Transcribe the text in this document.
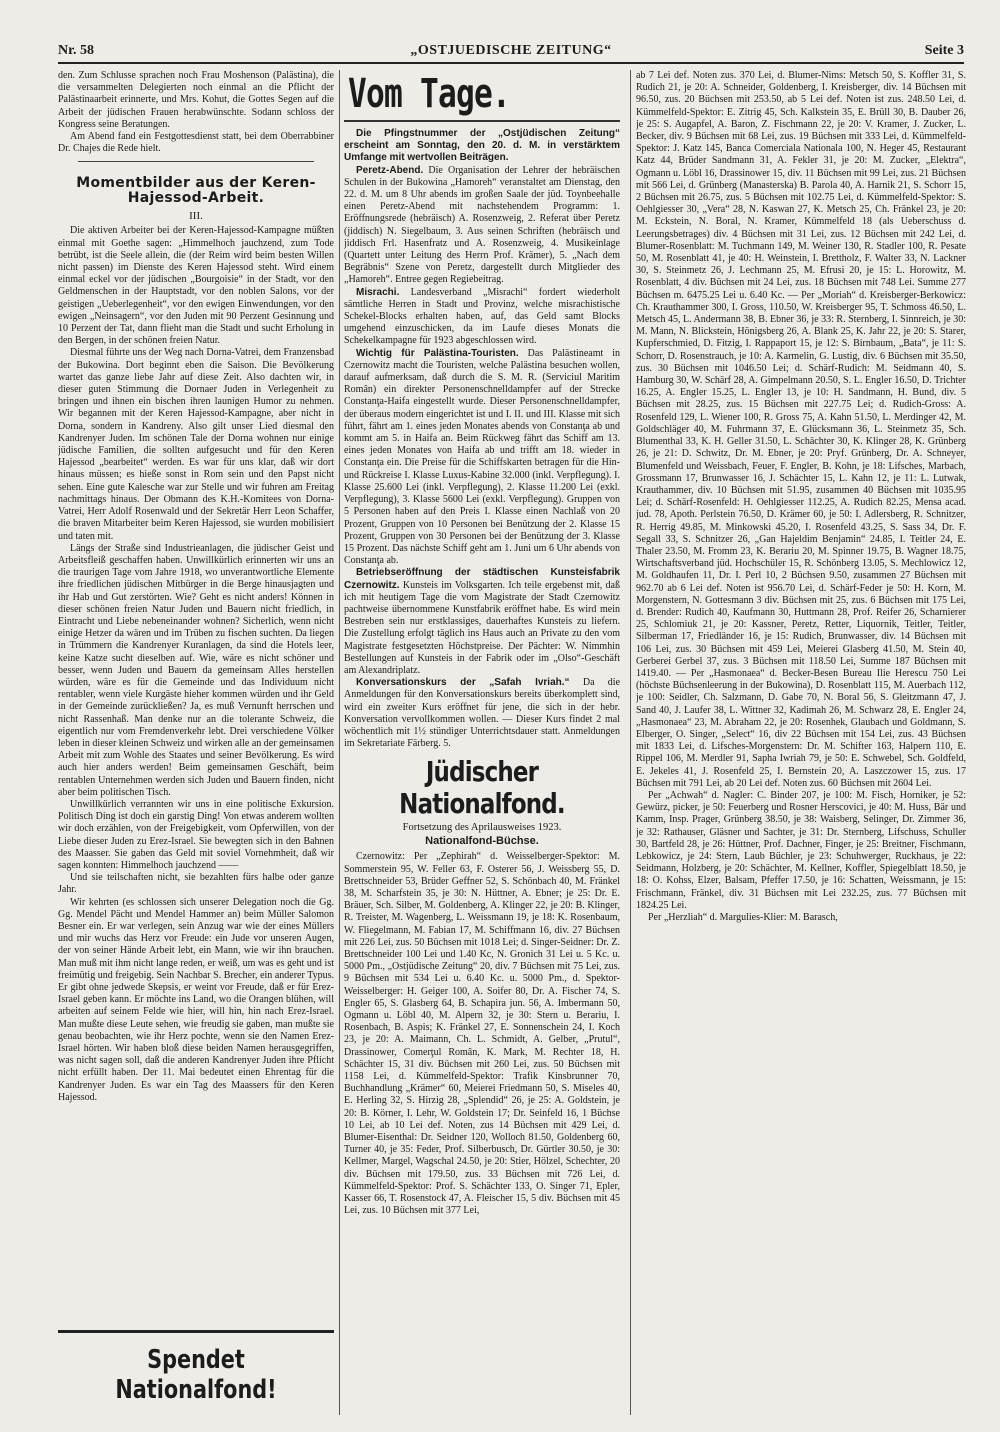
Nr. 58	„OSTJUEDISCHE ZEITUNG“	Seite 3

den. Zum Schlusse sprachen noch Frau Moshenson (Palästina), die die versammelten Delegierten noch einmal an die Pflicht der Palästinaarbeit erinnerte, und Mrs. Kohut, die Gottes Segen auf die Arbeit der jüdischen Frauen herabwünschte. Sodann schloss der Kongress seine Beratungen.

Am Abend fand ein Festgottesdienst statt, bei dem Oberrabbiner Dr. Chajes die Rede hielt.

Momentbilder aus der Keren-Hajessod-Arbeit.
III.

Die aktiven Arbeiter bei der Keren-Hajessod-Kampagne müßten einmal mit Goethe sagen: „Himmelhoch jauchzend, zum Tode betrübt, ist die Seele allein, die (der Reim wird beim besten Willen nicht passen) im Dienste des Keren Hajessod steht. Wird einem einmal eckel vor der jüdischen „Bourgoisie“ in der Stadt, vor den Geldmenschen in der Hauptstadt, vor den noblen Salons, vor der geistigen „Ueberlegenheit“, vor den ewigen Einwendungen, vor den ewigen „Neinsagern“, vor den Juden mit 90 Perzent Gesinnung und 10 Perzent der Tat, dann flieht man die Stadt und sucht Erholung in den Bergen, in der schönen freien Natur.

Diesmal führte uns der Weg nach Dorna-Vatrei, dem Franzensbad der Bukowina. Dort beginnt eben die Saison. Die Bevölkerung wartet das ganze liebe Jahr auf diese Zeit. Also dachten wir, in dieser guten Stimmung die Dornaer Juden in Verlegenheit zu bringen und ihnen ein bischen ihren launigen Humor zu nehmen. Wir begannen mit der Keren Hajessod-Kampagne, aber nicht in Dorna, sondern in Kandreny. Also gilt unser Lied diesmal den Kandrenyer Juden. Im schönen Tale der Dorna wohnen nur einige jüdische Familien, die sollten aufgesucht und für den Keren Hajessod „bearbeitet“ werden. Es war für uns klar, daß wir dort hinaus müssen; es hieße sonst in Rom sein und den Papst nicht sehen. Eine gute Kalesche war zur Stelle und wir fuhren am Freitag nachmittags hinaus. Der Obmann des K.H.-Komitees von Dorna-Vatrei, Herr Adolf Rosenwald und der Sekretär Herr Leon Schaffer, die braven Mitarbeiter beim Keren Hajessod, sie wurden mobilisiert und taten mit.

Längs der Straße sind Industrieanlagen, die jüdischer Geist und Arbeitsfleiß geschaffen haben. Unwillkürlich erinnerten wir uns an die traurigen Tage vom Jahre 1918, wo unverantwortliche Elemente ihre friedlichen jüdischen Mitbürger in die Berge hinausjagten und ihr Hab und Gut zerstörten. Wie? Geht es nicht anders! Können in dieser schönen freien Natur Juden und Bauern nicht friedlich, in Eintracht und Liebe nebeneinander wohnen? Sicherlich, wenn nicht einige Hetzer da wären und im Trüben zu fischen suchten. Da liegen in Trümmern die Kandrenyer Kuranlagen, da sind die Hotels leer, keine Katze sucht dieselben auf. Wie, wäre es nicht schöner und besser, wenn Juden und Bauern da gemeinsam Alles herstellen würden, wäre es für die Gemeinde und das Individuum nicht rentabler, wenn viele Kurgäste hieher kommen würden und ihr Geld in der Gemeinde zurückließen? Ja, es muß Vernunft herrschen und nicht Rassenhaß. Man denke nur an die tolerante Schweiz, die eigentlich nur vom Fremdenverkehr lebt. Drei verschiedene Völker leben in dieser kleinen Schweiz und wirken alle an der gemeinsamen Arbeit mit zum Wohle des Staates und seiner Bevölkerung. Es wird auch hier anders werden! Beim gemeinsamen Geschäft, beim rentablen Unternehmen werden sich Juden und Bauern finden, nicht aber beim politischen Tisch.

Unwillkürlich verrannten wir uns in eine politische Exkursion. Politisch Ding ist doch ein garstig Ding! Von etwas anderem wollten wir doch erzählen, von der Freigebigkeit, vom Opferwillen, von der Liebe dieser Juden zu Erez-Israel. Sie bewegten sich in den Bahnen des Maasser. Sie gaben das Geld mit soviel Vornehmheit, daß wir sagen konnten: Himmelhoch jauchzend ——

Und sie teilschaften nicht, sie bezahlten fürs halbe oder ganze Jahr.

Wir kehrten (es schlossen sich unserer Delegation noch die Gg. Gg. Mendel Pächt und Mendel Hammer an) beim Müller Salomon Besner ein. Er war verlegen, sein Anzug war wie der eines Müllers und mir wuchs das Herz vor Freude: ein Jude vor unseren Augen, der von seiner Hände Arbeit lebt, ein Mann, wie wir ihn brauchen. Man muß mit ihm nicht lange reden, er weiß, um was es geht und ist freimütig und freigebig. Sein Nachbar S. Brecher, ein anderer Typus. Er gibt ohne jedwede Skepsis, er weint vor Freude, daß er für Erez-Israel geben kann. Er möchte ins Land, wo die Orangen blühen, will arbeiten auf seinem Felde wie hier, will hin, hin nach Erez-Israel. Man mußte diese Leute sehen, wie freudig sie gaben, man mußte sie genau beobachten, wie ihr Herz pochte, wenn sie den Namen Erez-Israel hörten. Wir haben bloß diese beiden Namen herausgegriffen, was nicht sagen soll, daß die anderen Kandrenyer Juden ihre Pflicht nicht erfüllt haben. Der 11. Mai bedeutet einen Ehrentag für die Kandrenyer Juden. Es war ein Tag des Maassers für den Keren Hajessod.

Spendet Nationalfond!
Vom Tage.

Die Pfingstnummer der „Ostjüdischen Zeitung“ erscheint am Sonntag, den 20. d. M. in verstärktem Umfange mit wertvollen Beiträgen.

Peretz-Abend. Die Organisation der Lehrer der hebräischen Schulen in der Bukowina „Hamoreh“ veranstaltet am Dienstag, den 22. d. M. um 8 Uhr abends im großen Saale der jüd. Toynbeehalle einen Peretz-Abend mit nachstehendem Programm: 1. Eröffnungsrede (hebräisch) A. Rosenzweig, 2. Referat über Peretz (jiddisch) N. Siegelbaum, 3. Aus seinen Schriften (hebräisch und jiddisch Frl. Hasenfratz und A. Rosenzweig, 4. Musikeinlage (Quartett unter Leitung des Herrn Prof. Krämer), 5. „Nach dem Begräbnis“ Szene von Peretz, dargestellt durch Mitglieder des „Hamoreh“. Entree gegen Regiebeitrag.

Misrachi. Landesverband „Misrachi“ fordert wiederholt sämtliche Herren in Stadt und Provinz, welche misrachistische Schekel-Blocks erhalten haben, auf, das Geld samt Blocks umgehend einzuschicken, da im Laufe dieses Monats die Schekelkampagne für 1923 abgeschlossen wird.

Wichtig für Palästina-Touristen. Das Palästineamt in Czernowitz macht die Touristen, welche Palästina besuchen wollen, darauf aufmerksam, daß durch die S. M. R. (Serviciul Maritim Român) ein direkter Personenschnelldampfer auf der Strecke Constanţa-Haifa eingestellt wurde. Dieser Personenschnelldampfer, der überaus modern eingerichtet ist und I. II. und III. Klasse mit sich führt, fährt am 1. eines jeden Monates abends von Constanţa ab und kommt am 5. in Haifa an. Beim Rückweg fährt das Schiff am 13. eines jeden Monates von Haifa ab und trifft am 18. wieder in Constanţa ein. Die Preise für die Schiffskarten betragen für die Hin- und Rückreise I. Klasse Luxus-Kabine 32.000 (inkl. Verpflegung). I. Klasse 25.600 Lei (inkl. Verpflegung), 2. Klasse 11.200 Lei (exkl. Verpflegung), 3. Klasse 5600 Lei (exkl. Verpflegung). Gruppen von 5 Personen haben auf den Preis I. Klasse einen Nachlaß von 20 Prozent, Gruppen von 10 Personen bei Benützung der 2. Klasse 15 Prozent, Gruppen von 30 Personen bei der Benützung der 3. Klasse 15 Prozent. Das nächste Schiff geht am 1. Juni um 6 Uhr abends von Constanţa ab.

Betriebseröffnung der städtischen Kunsteisfabrik Czernowitz. Kunsteis im Volksgarten. Ich teile ergebenst mit, daß ich mit heutigem Tage die vom Magistrate der Stadt Czernowitz pachtweise übernommene Kunstfabrik eröffnet habe. Es wird mein Bestreben sein nur erstklassiges, dauerhaftes Kunsteis zu liefern. Die Zustellung erfolgt täglich ins Haus auch an Private zu den vom Magistrate festgesetzten Höchstpreise. Der Pächter: W. Nimmhin Bestellungen auf Kunsteis in der Fabrik oder im „Olso“-Geschäft am Alexandriplatz.

Konversationskurs der „Safah Ivriah.“ Da die Anmeldungen für den Konversationskurs bereits überkomplett sind, wird ein zweiter Kurs eröffnet für jene, die sich in der hebr. Konversation vervollkommen wollen. — Dieser Kurs findet 2 mal wöchentlich mit 1½ stündiger Unterrichtsdauer statt. Anmeldungen im Sekretariate Färberg. 5.

Jüdischer Nationalfond.
Fortsetzung des Aprilausweises 1923.
Nationalfond-Büchse.

Czernowitz: Per „Zephirah“ d. Weisselberger-Spektor: M. Sommerstein 95, W. Feller 63, F. Osterer 56, J. Weissberg 55, D. Brettschneider 53, Brüder Geffner 52, S. Schönbach 40, M. Fränkel 38, M. Scharfstein 35, je 30: N. Hüttner, A. Ebner; je 25: Dr. E. Bräuer, Sch. Silber, M. Goldenberg, A. Klinger 22, je 20: B. Klinger, R. Treister, M. Wagenberg, L. Weissmann 19, je 18: K. Rosenbaum, W. Fliegelmann, M. Fabian 17, M. Schiffmann 16, div. 27 Büchsen mit 226 Lei, zus. 50 Büchsen mit 1018 Lei; d. Singer-Seidner: Dr. Z. Brettschneider 100 Lei und 1.40 Kc, N. Gronich 31 Lei u. 5 Kc. u. 5000 Pm., „Ostjüdische Zeitung“ 20, div. 7 Büchsen mit 75 Lei, zus. 9 Büchsen mit 534 Lei u. 6.40 Kc. u. 5000 Pm., d. Spektor-Weisselberger: H. Geiger 100, A. Soifer 80, Dr. A. Fischer 74, S. Engler 65, S. Glasberg 64, B. Schapira jun. 56, A. Imbermann 50, Ogmann u. Löbl 40, M. Alpern 32, je 30: Stern u. Berariu, I. Rosenbach, B. Aspis; K. Fränkel 27, E. Sonnenschein 24, I. Koch 23, je 20: A. Maimann, Ch. L. Schmidt, A. Gelber, „Prutul“, Drassinower, Comerţul Român, K. Mark, M. Rechter 18, H. Schächter 15, 31 div. Büchsen mit 260 Lei, zus. 50 Büchsen mit 1158 Lei, d. Kümmelfeld-Spektor: Trafik Kinsbrunner 70, Buchhandlung „Krämer“ 60, Meierei Friedmann 50, S. Miseles 40, E. Herling 32, S. Hirzig 28, „Splendid“ 26, je 25: A. Goldstein, je 20: B. Körner, I. Lehr, W. Goldstein 17; Dr. Seinfeld 16, 1 Büchse 10 Lei, ab 10 Lei def. Noten, zus 14 Büchsen mit 429 Lei, d. Blumer-Eisenthal: Dr. Seidner 120, Wolloch 81.50, Goldenberg 60, Turner 40, je 35: Feder, Prof. Silberbusch, Dr. Gürtler 30.50, je 30: Kellmer, Margel, Wagschal 24.50, je 20: Stier, Hölzel, Schechter, 20 div. Büchsen mit 179.50, zus. 33 Büchsen mit 726 Lei, d. Kümmelfeld-Spektor: Prof. S. Schächter 133, O. Singer 71, Epler, Kasser 66, T. Rosenstock 47, A. Fleischer 15, 5 div. Büchsen mit 45 Lei, zus. 10 Büchsen mit 377 Lei,

ab 7 Lei def. Noten zus. 370 Lei, d. Blumer-Nims: Metsch 50, S. Koffler 31, S. Rudich 21, je 20: A. Schneider, Goldenberg, I. Kreisberger, div. 14 Büchsen mit 96.50, zus. 20 Büchsen mit 253.50, ab 5 Lei def. Noten ist zus. 248.50 Lei, d. Kümmelfeld-Spektor: E. Zitrig 45, Sch. Kalkstein 35, E. Brüll 30, B. Dauber 26, je 25: S. Augapfel, A. Baron, Z. Fischmann 22, je 20: V. Kramer, J. Zucker, L. Becker, div. 9 Büchsen mit 68 Lei, zus. 19 Büchsen mit 333 Lei, d. Kümmelfeld-Spektor: J. Katz 145, Banca Comerciala Nationala 100, N. Heger 45, Restaurant Katz 44, Brüder Sandmann 31, A. Fekler 31, je 20: M. Zucker, „Elektra“, Ogmann u. Löbl 16, Drassinower 15, div. 11 Büchsen mit 99 Lei, zus. 21 Büchsen mit 566 Lei, d. Grünberg (Manasterska) B. Parola 40, A. Harnik 21, S. Schorr 15, 2 Büchsen mit 26.75, zus. 5 Büchsen mit 102.75 Lei, d. Kümmelfeld-Spektor: S. Oehlgiesser 30, „Vera“ 28, N. Kaswan 27, K. Metsch 25, Ch. Fränkel 23, je 20: M. Eckstein, N. Boral, N. Kramer, Kümmelfeld 18 (als Ueberschuss d. Leerungsbetrages) div. 4 Büchsen mit 31 Lei, zus. 12 Büchsen mit 242 Lei, d. Blumer-Rosenblatt: M. Tuchmann 149, M. Weiner 130, R. Stadler 100, R. Pesate 50, M. Rosenblatt 41, je 40: H. Weinstein, I. Brettholz, F. Walter 33, N. Lackner 30, S. Steinmetz 26, J. Lechmann 25, M. Efrusi 20, je 15: L. Horowitz, M. Rosenblatt, 4 div. Büchsen mit 24 Lei, zus. 18 Büchsen mit 748 Lei. Summe 277 Büchsen m. 6475.25 Lei u. 6.40 Kc. — Per „Moriah“ d. Kreisberger-Berkowicz: Ch. Krauthammer 300, I. Gross, 110.50, W. Kreisberger 95, T. Schmoss 46.50, L. Metsch 45, L. Andermann 38, B. Ebner 36, je 33: R. Sternberg, I. Sinnreich, je 30: M. Mann, N. Blickstein, Hönigsberg 26, A. Blank 25, K. Jahr 22, je 20: S. Starer, Kupferschmied, D. Fitzig, I. Rappaport 15, je 12: S. Birnbaum, „Bata“, je 11: S. Schorr, D. Rosenstrauch, je 10: A. Karmelin, G. Lustig, div. 6 Büchsen mit 35.50, zus. 30 Büchsen mit 1046.50 Lei; d. Schärf-Rudich: M. Seidmann 40, S. Hamburg 30, W. Schärf 28, A. Gimpelmann 20.50, S. L. Engler 16.50, D. Trichter 16.25, A. Engler 15.25, L. Engler 13, je 10: H. Sandmann, H. Bund, div. 5 Büchsen mit 28.25, zus. 15 Büchsen mit 227.75 Lei; d. Rudich-Gross: A. Rosenfeld 129, L. Wiener 100, R. Gross 75, A. Kahn 51.50, L. Merdinger 42, M. Goldschläger 40, M. Fuhrmann 37, E. Glücksmann 36, L. Steinmetz 35, Sch. Blumenthal 33, K. H. Geller 31.50, L. Schächter 30, K. Klinger 28, K. Grünberg 26, je 21: D. Schwitz, Dr. M. Ebner, je 20: Pryf. Grünberg, Dr. A. Schneyer, Blumenfeld und Weissbach, Feuer, F. Engler, B. Kohn, je 18: Lifsches, Marbach, Grossmann 17, Brunwasser 16, J. Schächter 15, L. Kahn 12, je 11: L. Lutwak, Krauthammer, div. 10 Büchsen mit 51.95, zusammen 40 Büchsen mit 1035.95 Lei; d. Schärf-Rosenfeld: H. Oehlgiesser 112.25, A. Rudich 82.25, Mensa acad. jud. 78, Apoth. Perlstein 76.50, D. Krämer 60, je 50: I. Adlersberg, R. Schnitzer, R. Herrig 49.85, M. Minkowski 45.20, I. Rosenfeld 43.25, S. Sass 34, Dr. F. Segall 33, S. Schnitzer 26, „Gan Hajeldim Benjamin“ 24.85, I. Teitler 24, E. Thaler 23.50, M. Fromm 23, K. Berariu 20, M. Spinner 19.75, B. Wagner 18.75, Wirtschaftsverband jüd. Hochschüler 15, R. Schönberg 13.05, S. Mechlowicz 12, M. Goldhaufen 11, Dr. I. Perl 10, 2 Büchsen 9.50, zusammen 27 Büchsen mit 962.70 ab 6 Lei def. Noten ist 956.70 Lei, d. Schärf-Feder je 50: H. Korn, M. Morgenstern, N. Gottesmann 3 div. Büchsen mit 25, zus. 6 Büchsen mit 175 Lei, d. Brender: Rudich 40, Kaufmann 30, Huttmann 28, Prof. Reifer 26, Scharnierer 25, Schlomiuk 21, je 20: Kassner, Peretz, Retter, Liquornik, Teitler, Teitler, Silberman 17, Friedländer 16, je 15: Rudich, Brunwasser, div. 14 Büchsen mit 106 Lei, zus. 30 Büchsen mit 459 Lei, Meierei Glasberg 41.50, M. Stein 40, Gerberei Gerbel 37, zus. 3 Büchsen mit 118.50 Lei, Summe 187 Büchsen mit 1419.40. — Per „Hasmonaea“ d. Becker-Besen Bureau Ilie Herescu 750 Lei (höchste Büchsenleerung in der Bukowina), D. Rosenblatt 115, M. Auerbach 112, je 100: Seidler, Ch. Salzmann, D. Gabe 70, N. Boral 56, S. Gleitzmann 47, J. Sand 40, J. Laufer 38, L. Wittner 32, Kadimah 26, M. Schwarz 28, E. Engler 24, „Hasmonaea“ 23, M. Abraham 22, je 20: Rosenhek, Glaubach und Goldmann, S. Elberger, O. Singer, „Select“ 16, div 22 Büchsen mit 154 Lei, zus. 43 Büchsen mit 1833 Lei, d. Lifsches-Morgenstern: Dr. M. Schifter 163, Halpern 110, E. Rippel 106, M. Merdler 91, Sapha Iwriah 79, je 50: E. Schwebel, Sch. Goldfeld, E. Jekeles 41, J. Rosenfeld 25, I. Bernstein 20, A. Laszczower 15, zus. 17 Büchsen mit 791 Lei, ab 20 Lei def. Noten zus. 60 Büchsen mit 2604 Lei.

Per „Achwah“ d. Nagler: C. Binder 207, je 100: M. Fisch, Horniker, je 52: Gewürz, picker, je 50: Feuerberg und Rosner Herscovici, je 40: M. Huss, Bär und Kamm, Insp. Prager, Grünberg 38.50, je 38: Waisberg, Selinger, Dr. Zimmer 36, je 32: Rathauser, Gläsner und Sachter, je 31: Dr. Sternberg, Lifschuss, Schuller 30, Bartfeld 28, je 26: Hüttner, Prof. Dachner, Finger, je 25: Breitner, Fischmann, Lebkowicz, je 24: Stern, Laub Büchler, je 23: Schuhwerger, Ruckhaus, je 22: Seidmann, Holzberg, je 20: Schächter, M. Kellner, Koffler, Spiegelblatt 18.50, je 18: O. Kohss, Elzer, Balsam, Pfeffer 17.50, je 16: Schatten, Weissmann, je 15: Frischmann, Fränkel, div. 31 Büchsen mit Lei 232.25, zus. 77 Büchsen mit 1824.25 Lei.

Per „Herzliah“ d. Margulies-Klier: M. Barasch,
